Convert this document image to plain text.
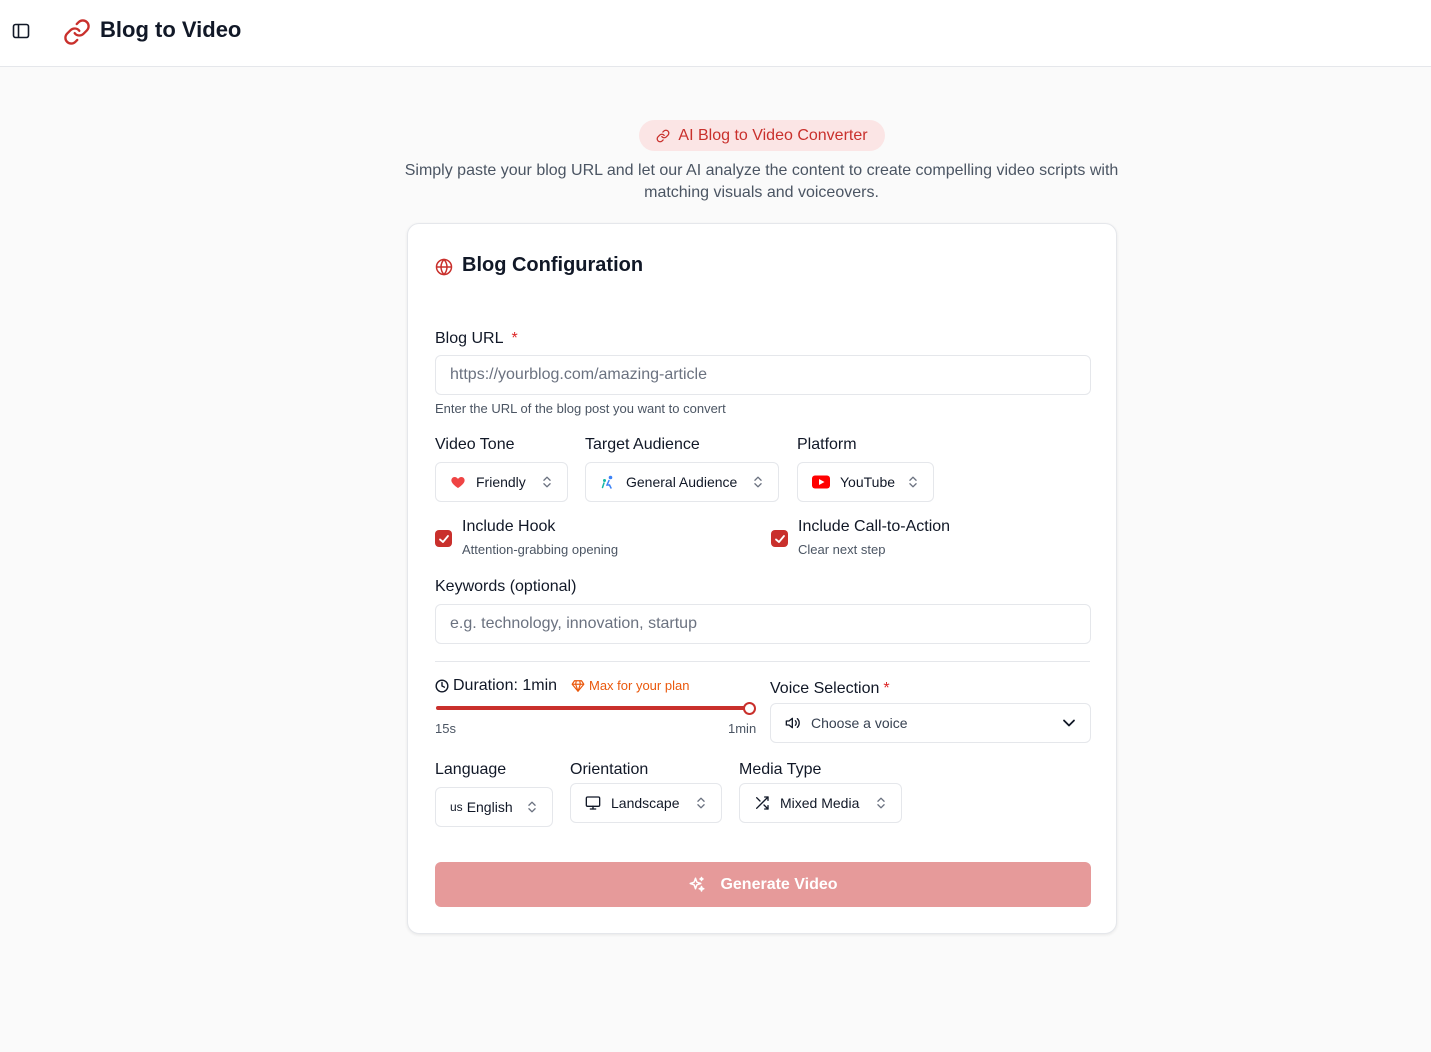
Blog to Video
AI Blog to Video Converter
Simply paste your blog URL and let our AI analyze the content to create compelling video scripts with matching visuals and voiceovers.
Blog Configuration
Blog URL *
https://yourblog.com/amazing-article
Enter the URL of the blog post you want to convert
Video Tone
Friendly
Target Audience
General Audience
Platform
YouTube
Include Hook
Attention-grabbing opening
Include Call-to-Action
Clear next step
Keywords (optional)
e.g. technology, innovation, startup
Duration: 1min Max for your plan
15s	1min
Voice Selection *
Choose a voice
Language
us English
Orientation
Landscape
Media Type
Mixed Media
Generate Video
